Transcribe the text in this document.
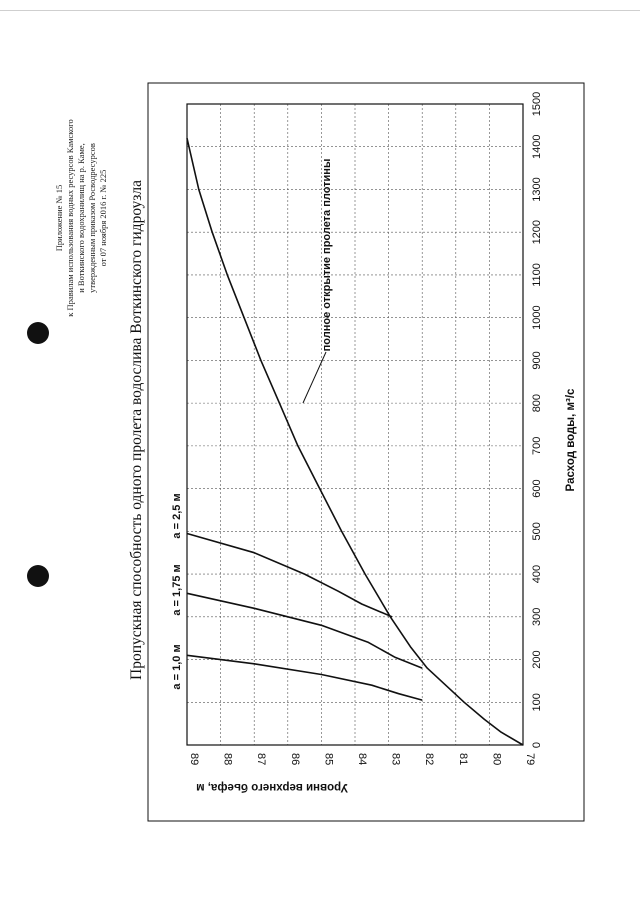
Приложение № 15 к Правилам использования водных ресурсов Камского и Воткинского водохранилищ на р. Каме, утвержденным приказом Росводресурсов от 07 ноября 2016 г. № 225 Пропускная способность одного пролета водослива Воткинского гидроузла
79
80
81
82
83
84
85
86
87
88
89
0
100
200
300
400
500
600
700
800
900
1000
1100
1200
1300
1400
1500
Расход воды, м³/с
Уровни верхнего бьефа, м
a = 1,0 м
a = 1,75 м
a = 2,5 м
полное открытие пролета плотины
